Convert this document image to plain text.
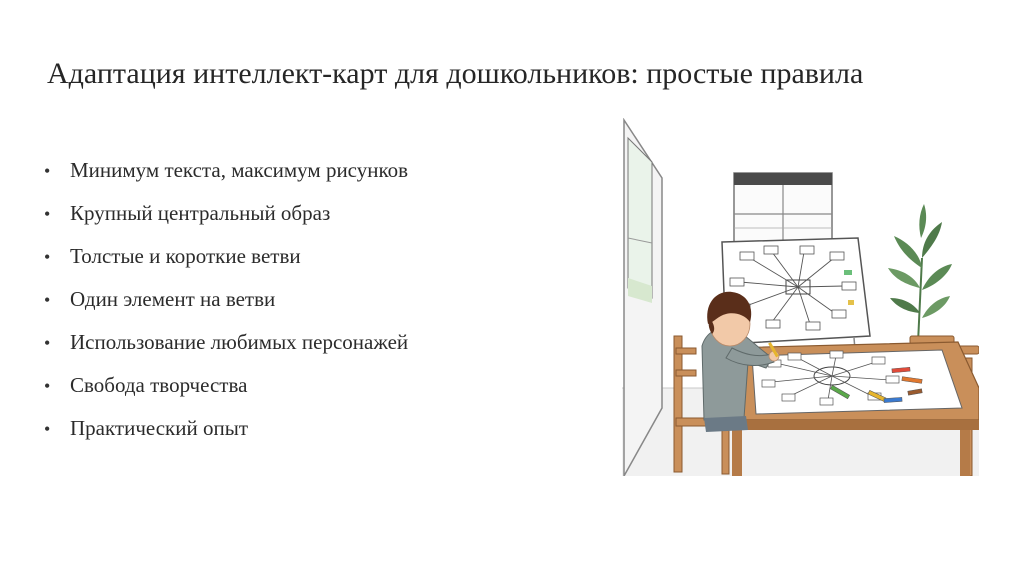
Адаптация интеллект-карт для дошкольников: простые правила
• Минимум текста, максимум рисунков
• Крупный центральный образ
• Толстые и короткие ветви
• Один элемент на ветви
• Использование любимых персонажей
• Свобода творчества
• Практический опыт
